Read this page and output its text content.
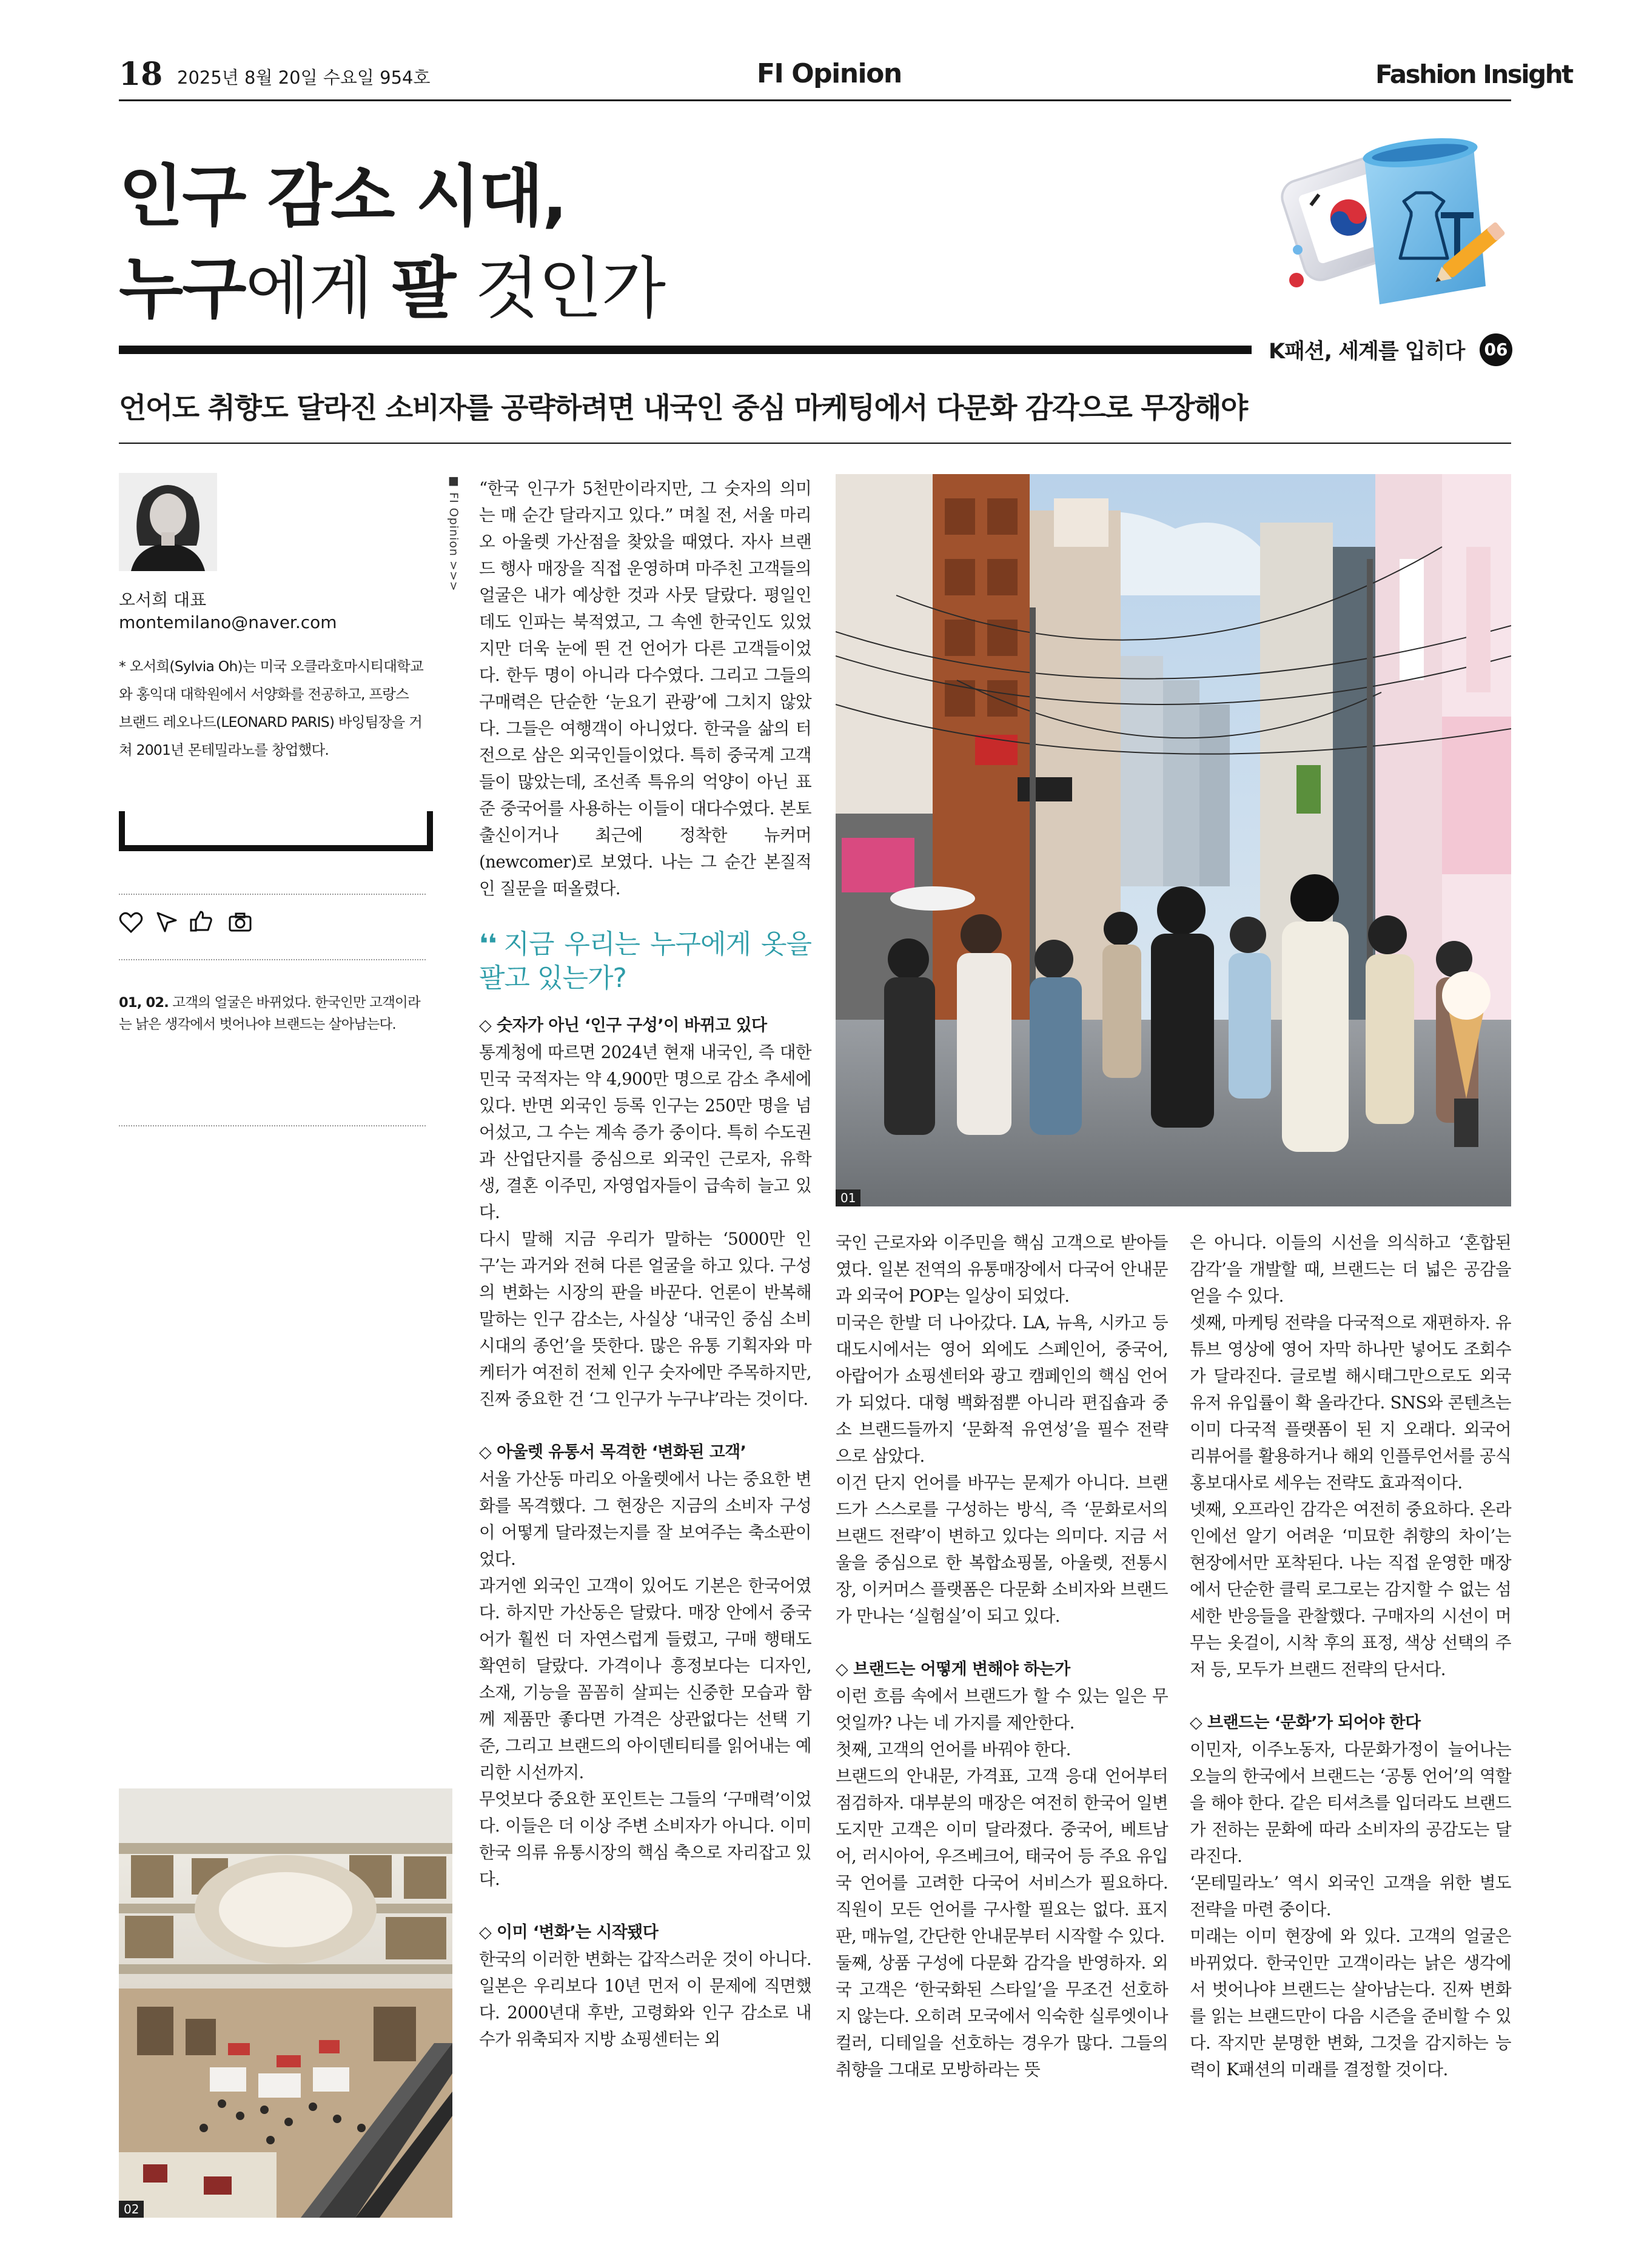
18 2025년 8월 20일 수요일 954호	FI Opinion	Fashion Insight
인구 감소 시대,
누구에게 팔 것인가
K패션, 세계를 입히다 06
언어도 취향도 달라진 소비자를 공략하려면 내국인 중심 마케팅에서 다문화 감각으로 무장해야
오서희 대표
montemilano@naver.com
* 오서희(Sylvia Oh)는 미국 오클라호마시티대학교와 홍익대 대학원에서 서양화를 전공하고, 프랑스 브랜드 레오나드(LEONARD PARIS) 바잉팀장을 거쳐 2001년 몬테밀라노를 창업했다.
01, 02. 고객의 얼굴은 바뀌었다. 한국인만 고객이라는 낡은 생각에서 벗어나야 브랜드는 살아남는다.
02
■ FI Opinion >>> “한국 인구가 5천만이라지만, 그 숫자의 의미는 매 순간 달라지고 있다.” 며칠 전, 서울 마리오 아울렛 가산점을 찾았을 때였다. 자사 브랜드 행사 매장을 직접 운영하며 마주친 고객들의 얼굴은 내가 예상한 것과 사뭇 달랐다. 평일인데도 인파는 북적였고, 그 속엔 한국인도 있었지만 더욱 눈에 띈 건 언어가 다른 고객들이었다. 한두 명이 아니라 다수였다. 그리고 그들의 구매력은 단순한 ‘눈요기 관광’에 그치지 않았다. 그들은 여행객이 아니었다. 한국을 삶의 터전으로 삼은 외국인들이었다. 특히 중국계 고객들이 많았는데, 조선족 특유의 억양이 아닌 표준 중국어를 사용하는 이들이 대다수였다. 본토 출신이거나 최근에 정착한 뉴커머(newcomer)로 보였다. 나는 그 순간 본질적인 질문을 떠올렸다.

❛❛ 지금 우리는 누구에게 옷을 팔고 있는가?
◇ 숫자가 아닌 ‘인구 구성’이 바뀌고 있다

통계청에 따르면 2024년 현재 내국인, 즉 대한민국 국적자는 약 4,900만 명으로 감소 추세에 있다. 반면 외국인 등록 인구는 250만 명을 넘어섰고, 그 수는 계속 증가 중이다. 특히 수도권과 산업단지를 중심으로 외국인 근로자, 유학생, 결혼 이주민, 자영업자들이 급속히 늘고 있다.

다시 말해 지금 우리가 말하는 ‘5000만 인구’는 과거와 전혀 다른 얼굴을 하고 있다. 구성의 변화는 시장의 판을 바꾼다. 언론이 반복해 말하는 인구 감소는, 사실상 ‘내국인 중심 소비 시대의 종언’을 뜻한다. 많은 유통 기획자와 마케터가 여전히 전체 인구 숫자에만 주목하지만, 진짜 중요한 건 ‘그 인구가 누구냐’라는 것이다.

◇ 아울렛 유통서 목격한 ‘변화된 고객’

서울 가산동 마리오 아울렛에서 나는 중요한 변화를 목격했다. 그 현장은 지금의 소비자 구성이 어떻게 달라졌는지를 잘 보여주는 축소판이었다.

과거엔 외국인 고객이 있어도 기본은 한국어였다. 하지만 가산동은 달랐다. 매장 안에서 중국어가 훨씬 더 자연스럽게 들렸고, 구매 행태도 확연히 달랐다. 가격이나 흥정보다는 디자인, 소재, 기능을 꼼꼼히 살피는 신중한 모습과 함께 제품만 좋다면 가격은 상관없다는 선택 기준, 그리고 브랜드의 아이덴티티를 읽어내는 예리한 시선까지.

무엇보다 중요한 포인트는 그들의 ‘구매력’이었다. 이들은 더 이상 주변 소비자가 아니다. 이미 한국 의류 유통시장의 핵심 축으로 자리잡고 있다.

◇ 이미 ‘변화’는 시작됐다

한국의 이러한 변화는 갑작스러운 것이 아니다. 일본은 우리보다 10년 먼저 이 문제에 직면했다. 2000년대 후반, 고령화와 인구 감소로 내수가 위축되자 지방 쇼핑센터는 외

01

국인 근로자와 이주민을 핵심 고객으로 받아들였다. 일본 전역의 유통매장에서 다국어 안내문과 외국어 POP는 일상이 되었다.

미국은 한발 더 나아갔다. LA, 뉴욕, 시카고 등 대도시에서는 영어 외에도 스페인어, 중국어, 아랍어가 쇼핑센터와 광고 캠페인의 핵심 언어가 되었다. 대형 백화점뿐 아니라 편집숍과 중소 브랜드들까지 ‘문화적 유연성’을 필수 전략으로 삼았다.

이건 단지 언어를 바꾸는 문제가 아니다. 브랜드가 스스로를 구성하는 방식, 즉 ‘문화로서의 브랜드 전략’이 변하고 있다는 의미다. 지금 서울을 중심으로 한 복합쇼핑몰, 아울렛, 전통시장, 이커머스 플랫폼은 다문화 소비자와 브랜드가 만나는 ‘실험실’이 되고 있다.

◇ 브랜드는 어떻게 변해야 하는가

이런 흐름 속에서 브랜드가 할 수 있는 일은 무엇일까? 나는 네 가지를 제안한다.

첫째, 고객의 언어를 바꿔야 한다.

브랜드의 안내문, 가격표, 고객 응대 언어부터 점검하자. 대부분의 매장은 여전히 한국어 일변도지만 고객은 이미 달라졌다. 중국어, 베트남어, 러시아어, 우즈베크어, 태국어 등 주요 유입국 언어를 고려한 다국어 서비스가 필요하다. 직원이 모든 언어를 구사할 필요는 없다. 표지판, 매뉴얼, 간단한 안내문부터 시작할 수 있다.

둘째, 상품 구성에 다문화 감각을 반영하자. 외국 고객은 ‘한국화된 스타일’을 무조건 선호하지 않는다. 오히려 모국에서 익숙한 실루엣이나 컬러, 디테일을 선호하는 경우가 많다. 그들의 취향을 그대로 모방하라는 뜻

은 아니다. 이들의 시선을 의식하고 ‘혼합된 감각’을 개발할 때, 브랜드는 더 넓은 공감을 얻을 수 있다.

셋째, 마케팅 전략을 다국적으로 재편하자. 유튜브 영상에 영어 자막 하나만 넣어도 조회수가 달라진다. 글로벌 해시태그만으로도 외국 유저 유입률이 확 올라간다. SNS와 콘텐츠는 이미 다국적 플랫폼이 된 지 오래다. 외국어 리뷰어를 활용하거나 해외 인플루언서를 공식 홍보대사로 세우는 전략도 효과적이다.

넷째, 오프라인 감각은 여전히 중요하다. 온라인에선 알기 어려운 ‘미묘한 취향의 차이’는 현장에서만 포착된다. 나는 직접 운영한 매장에서 단순한 클릭 로그로는 감지할 수 없는 섬세한 반응들을 관찰했다. 구매자의 시선이 머무는 옷걸이, 시착 후의 표정, 색상 선택의 주저 등, 모두가 브랜드 전략의 단서다.

◇ 브랜드는 ‘문화’가 되어야 한다

이민자, 이주노동자, 다문화가정이 늘어나는 오늘의 한국에서 브랜드는 ‘공통 언어’의 역할을 해야 한다. 같은 티셔츠를 입더라도 브랜드가 전하는 문화에 따라 소비자의 공감도는 달라진다.

‘몬테밀라노’ 역시 외국인 고객을 위한 별도 전략을 마련 중이다.

미래는 이미 현장에 와 있다. 고객의 얼굴은 바뀌었다. 한국인만 고객이라는 낡은 생각에서 벗어나야 브랜드는 살아남는다. 진짜 변화를 읽는 브랜드만이 다음 시즌을 준비할 수 있다. 작지만 분명한 변화, 그것을 감지하는 능력이 K패션의 미래를 결정할 것이다.
